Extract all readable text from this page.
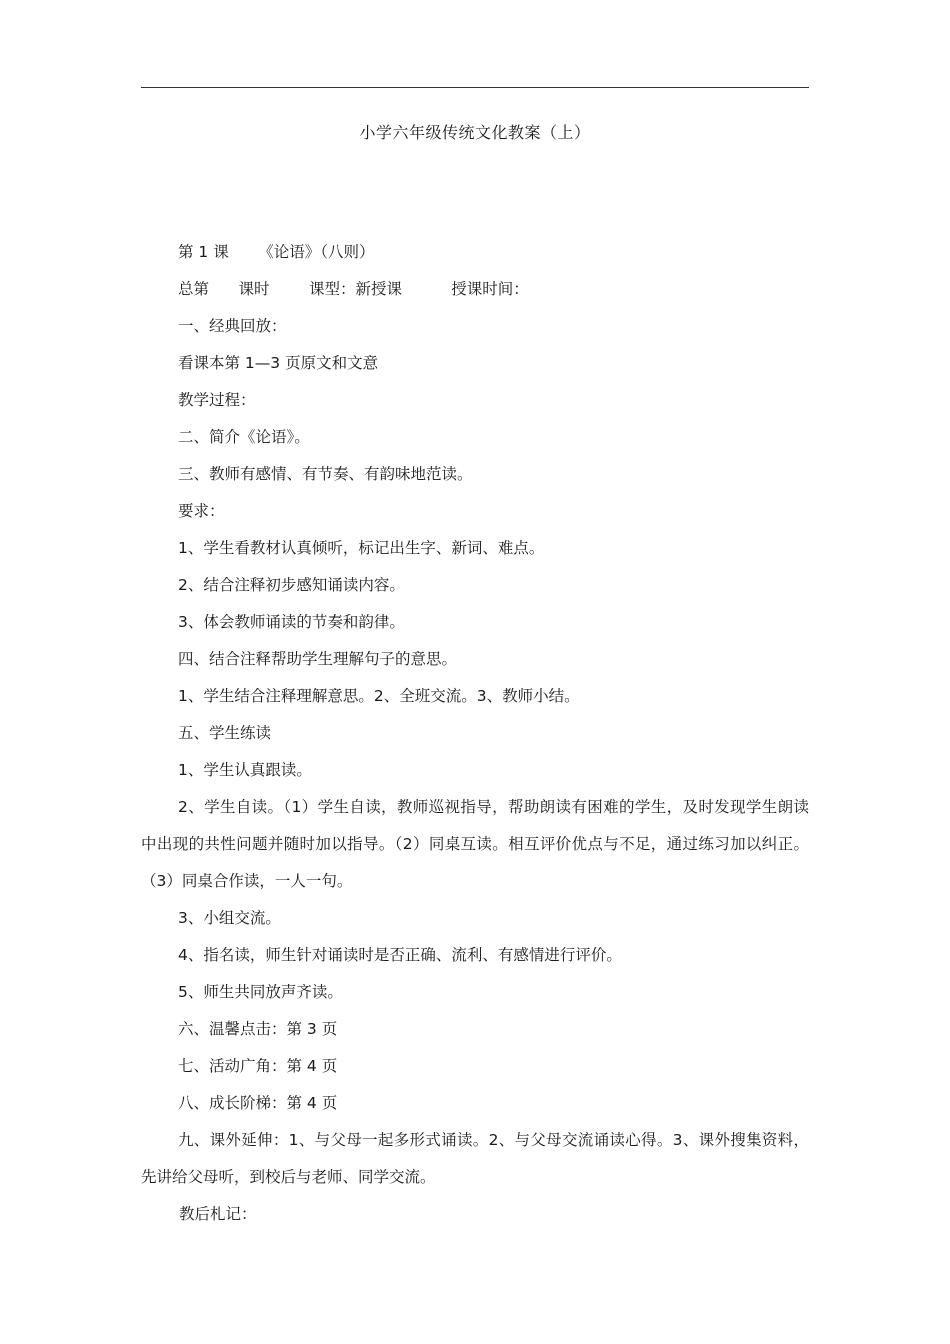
小学六年级传统文化教案（上）

第 1 课      《论语》（八则）

总第      课时        课型：新授课          授课时间：

一、经典回放：

看课本第 1—3 页原文和文意

教学过程：

二、简介《论语》。

三、教师有感情、有节奏、有韵味地范读。

要求：

1、学生看教材认真倾听，标记出生字、新词、难点。

2、结合注释初步感知诵读内容。

3、体会教师诵读的节奏和韵律。

四、结合注释帮助学生理解句子的意思。

1、学生结合注释理解意思。2、全班交流。3、教师小结。

五、学生练读

1、学生认真跟读。

2、学生自读。（1）学生自读，教师巡视指导，帮助朗读有困难的学生，及时发现学生朗读中出现的共性问题并随时加以指导。（2）同桌互读。相互评价优点与不足，通过练习加以纠正。（3）同桌合作读，一人一句。

3、小组交流。

4、指名读，师生针对诵读时是否正确、流利、有感情进行评价。

5、师生共同放声齐读。

六、温馨点击：第 3 页

七、活动广角：第 4 页

八、成长阶梯：第 4 页

九、课外延伸：1、与父母一起多形式诵读。2、与父母交流诵读心得。3、课外搜集资料，先讲给父母听，到校后与老师、同学交流。

教后札记：
